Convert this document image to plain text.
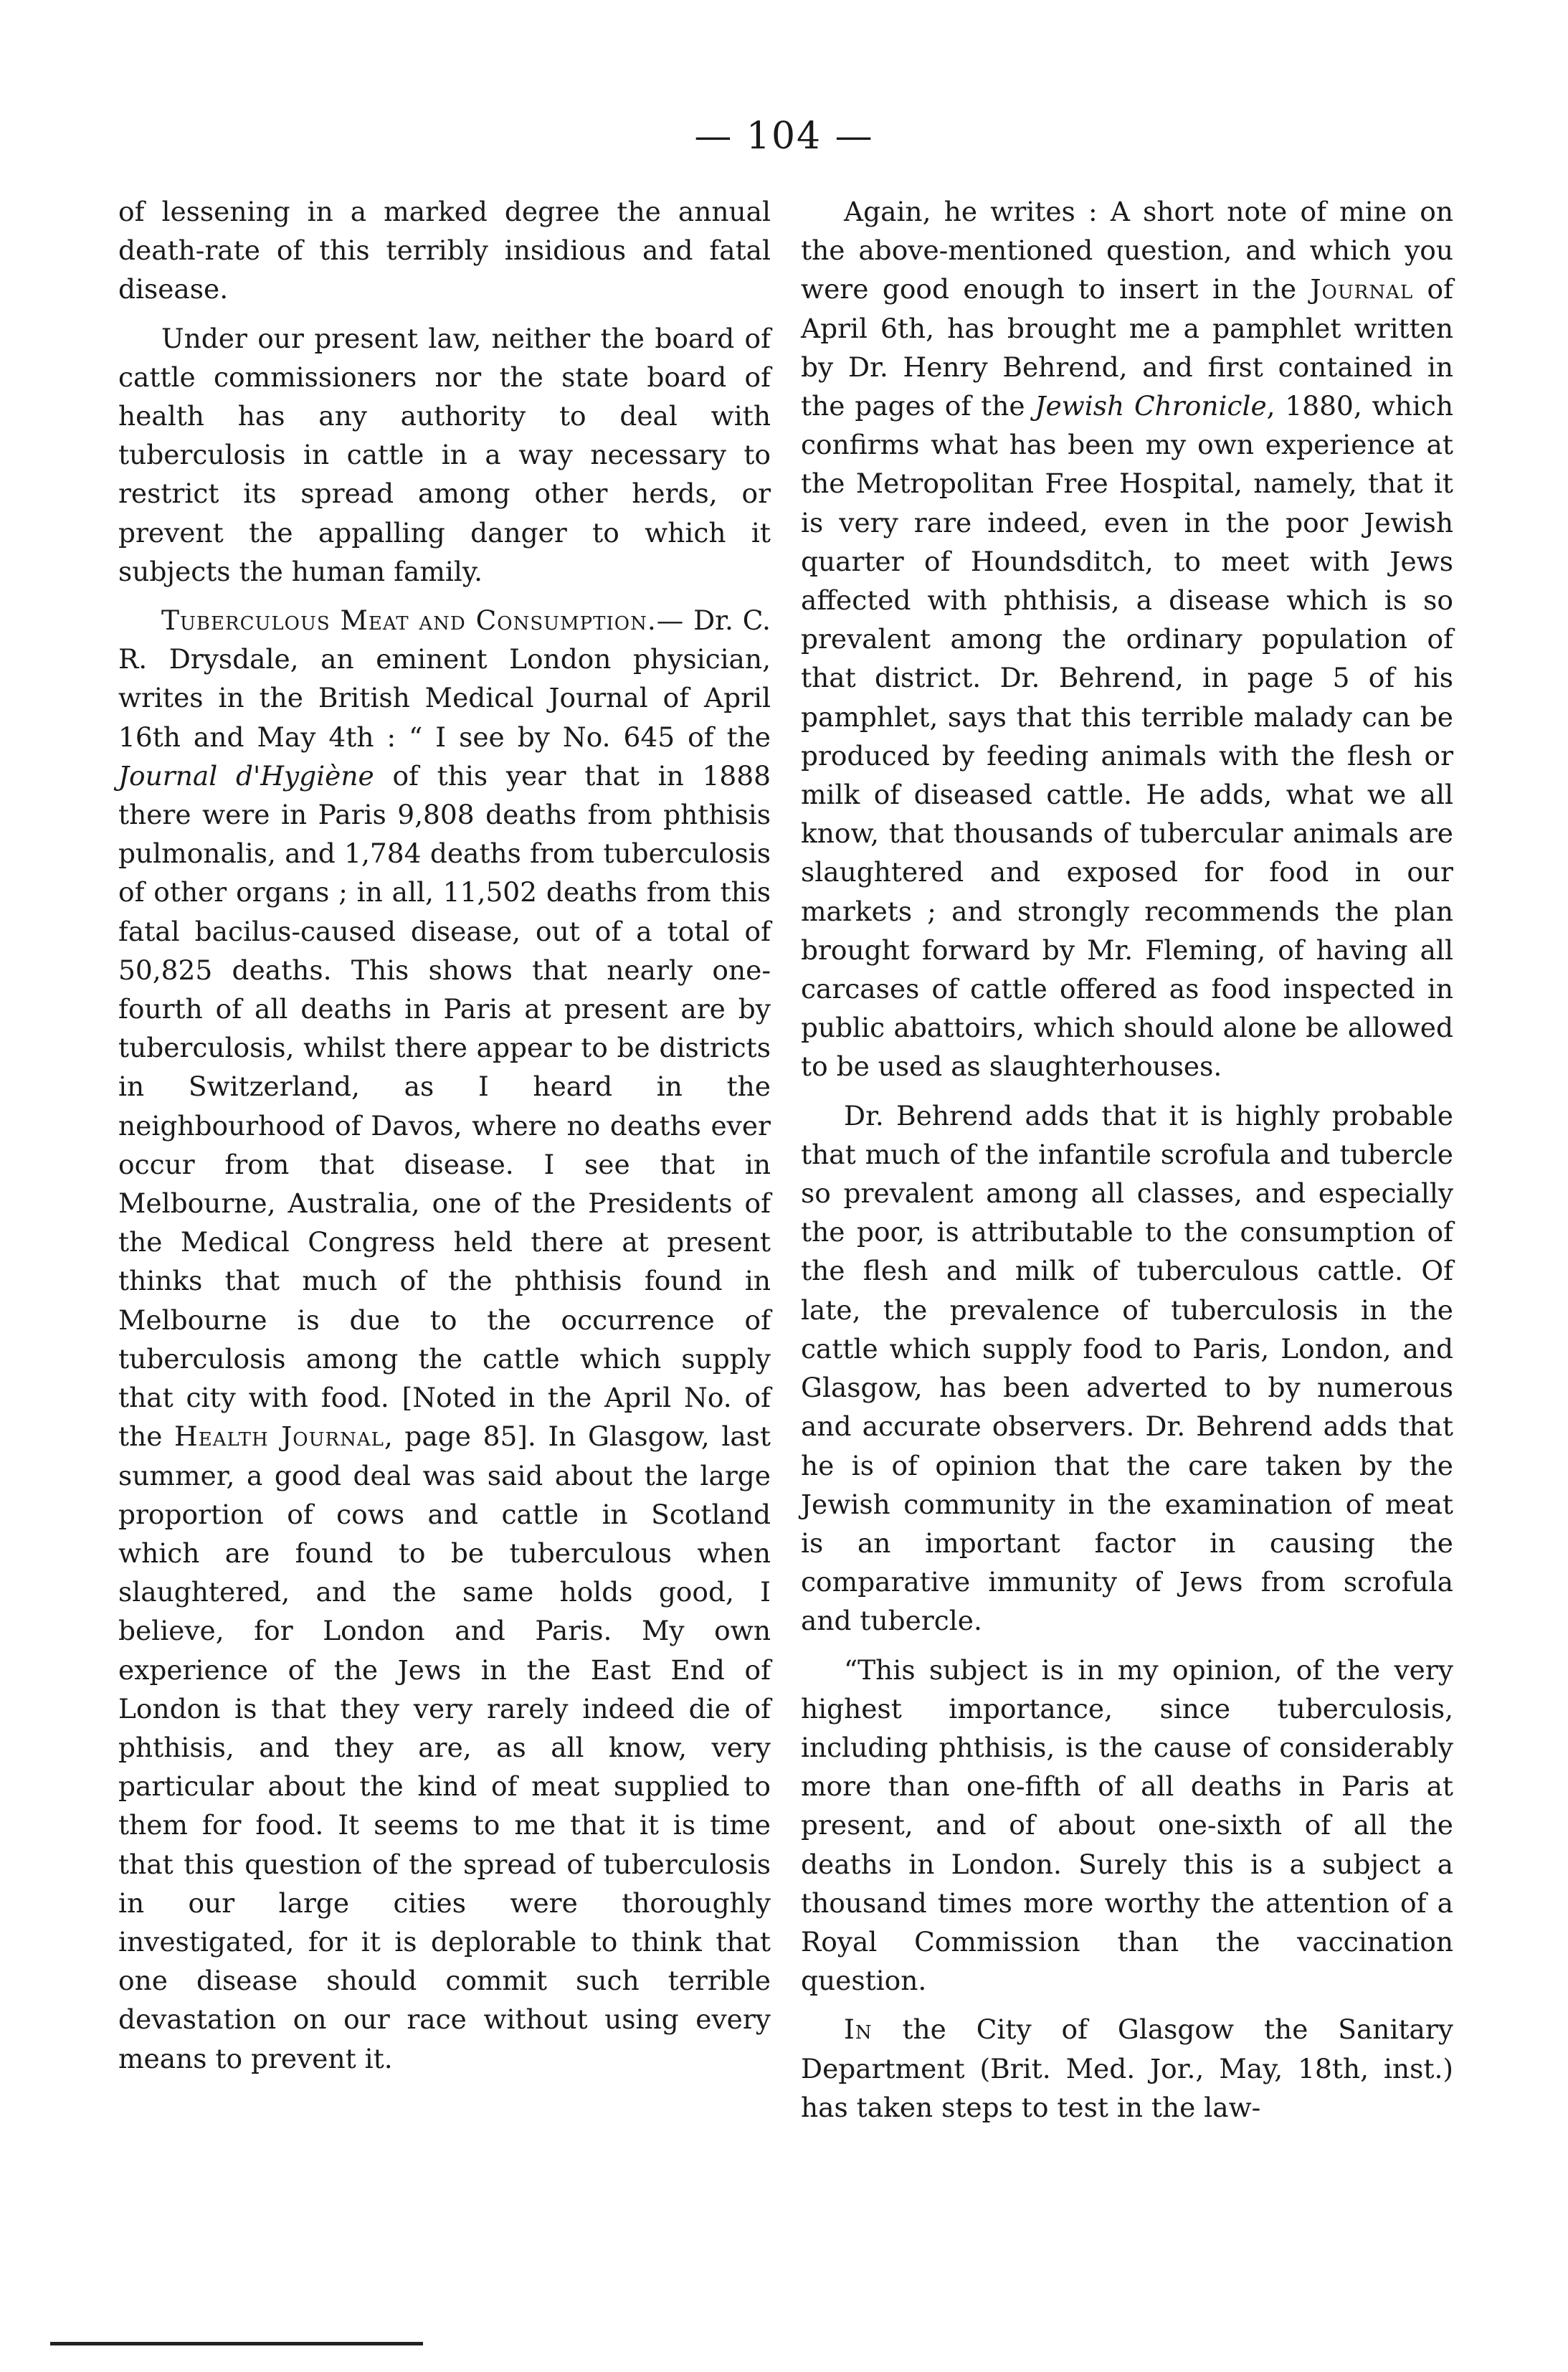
— 104 —

of lessening in a marked degree the annual death-rate of this terribly insidious and fatal disease.

Under our present law, neither the board of cattle commissioners nor the state board of health has any authority to deal with tuberculosis in cattle in a way necessary to restrict its spread among other herds, or prevent the appalling danger to which it subjects the human family.

Tuberculous Meat and Consumption.— Dr. C. R. Drysdale, an eminent London physician, writes in the British Medical Journal of April 16th and May 4th : “ I see by No. 645 of the Journal d'Hygiène of this year that in 1888 there were in Paris 9,808 deaths from phthisis pulmonalis, and 1,784 deaths from tuberculosis of other organs ; in all, 11,502 deaths from this fatal bacilus-caused disease, out of a total of 50,825 deaths. This shows that nearly one-fourth of all deaths in Paris at present are by tuberculosis, whilst there appear to be districts in Switzerland, as I heard in the neighbourhood of Davos, where no deaths ever occur from that disease. I see that in Melbourne, Australia, one of the Presidents of the Medical Congress held there at present thinks that much of the phthisis found in Melbourne is due to the occurrence of tuberculosis among the cattle which supply that city with food. [Noted in the April No. of the Health Journal, page 85]. In Glasgow, last summer, a good deal was said about the large proportion of cows and cattle in Scotland which are found to be tuberculous when slaughtered, and the same holds good, I believe, for London and Paris. My own experience of the Jews in the East End of London is that they very rarely indeed die of phthisis, and they are, as all know, very particular about the kind of meat supplied to them for food. It seems to me that it is time that this question of the spread of tuberculosis in our large cities were thoroughly investigated, for it is deplorable to think that one disease should commit such terrible devastation on our race without using every means to prevent it.

Again, he writes : A short note of mine on the above-mentioned question, and which you were good enough to insert in the Journal of April 6th, has brought me a pamphlet written by Dr. Henry Behrend, and first contained in the pages of the Jewish Chronicle, 1880, which confirms what has been my own experience at the Metropolitan Free Hospital, namely, that it is very rare indeed, even in the poor Jewish quarter of Houndsditch, to meet with Jews affected with phthisis, a disease which is so prevalent among the ordinary population of that district. Dr. Behrend, in page 5 of his pamphlet, says that this terrible malady can be produced by feeding animals with the flesh or milk of diseased cattle. He adds, what we all know, that thousands of tubercular animals are slaughtered and exposed for food in our markets ; and strongly recommends the plan brought forward by Mr. Fleming, of having all carcases of cattle offered as food inspected in public abattoirs, which should alone be allowed to be used as slaughterhouses.

Dr. Behrend adds that it is highly probable that much of the infantile scrofula and tubercle so prevalent among all classes, and especially the poor, is attributable to the consumption of the flesh and milk of tuberculous cattle. Of late, the prevalence of tuberculosis in the cattle which supply food to Paris, London, and Glasgow, has been adverted to by numerous and accurate observers. Dr. Behrend adds that he is of opinion that the care taken by the Jewish community in the examination of meat is an important factor in causing the comparative immunity of Jews from scrofula and tubercle.

“This subject is in my opinion, of the very highest importance, since tuberculosis, including phthisis, is the cause of considerably more than one-fifth of all deaths in Paris at present, and of about one-sixth of all the deaths in London. Surely this is a subject a thousand times more worthy the attention of a Royal Commission than the vaccination question.

In the City of Glasgow the Sanitary Department (Brit. Med. Jor., May, 18th, inst.) has taken steps to test in the law-
